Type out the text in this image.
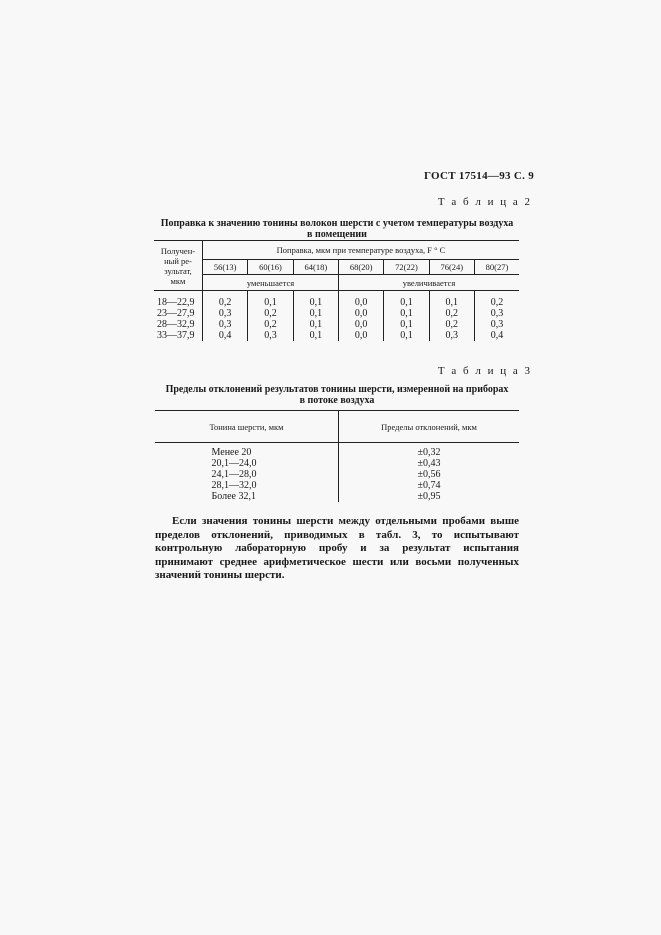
ГОСТ 17514—93 С. 9
Т а б л и ц а 2
Поправка к значению тонины волокон шерсти с учетом температуры воздуха
в помещении
Получен-
ный ре-
зультат,
мкм	Поправка, мкм при температуре воздуха, F ° C						
	56(13)	60(16)	64(18)	68(20)	72(22)	76(24)	80(27)
	уменьшается			увеличивается			
18—22,9	0,2	0,1	0,1	0,0	0,1	0,1	0,2
23—27,9	0,3	0,2	0,1	0,0	0,1	0,2	0,3
28—32,9	0,3	0,2	0,1	0,0	0,1	0,2	0,3
33—37,9	0,4	0,3	0,1	0,0	0,1	0,3	0,4
Т а б л и ц а 3
Пределы отклонений результатов тонины шерсти, измеренной на приборах
в потоке воздуха
Тонина шерсти, мкм	Пределы отклонений, мкм
Менее 20	±0,32
20,1—24,0	±0,43
24,1—28,0	±0,56
28,1—32,0	±0,74
Более 32,1	±0,95
Если значения тонины шерсти между отдельными пробами выше пределов отклонений, приводимых в табл. 3, то испытывают контрольную лабораторную пробу и за результат испытания принимают среднее арифметическое шести или восьми полученных значений тонины шерсти.
